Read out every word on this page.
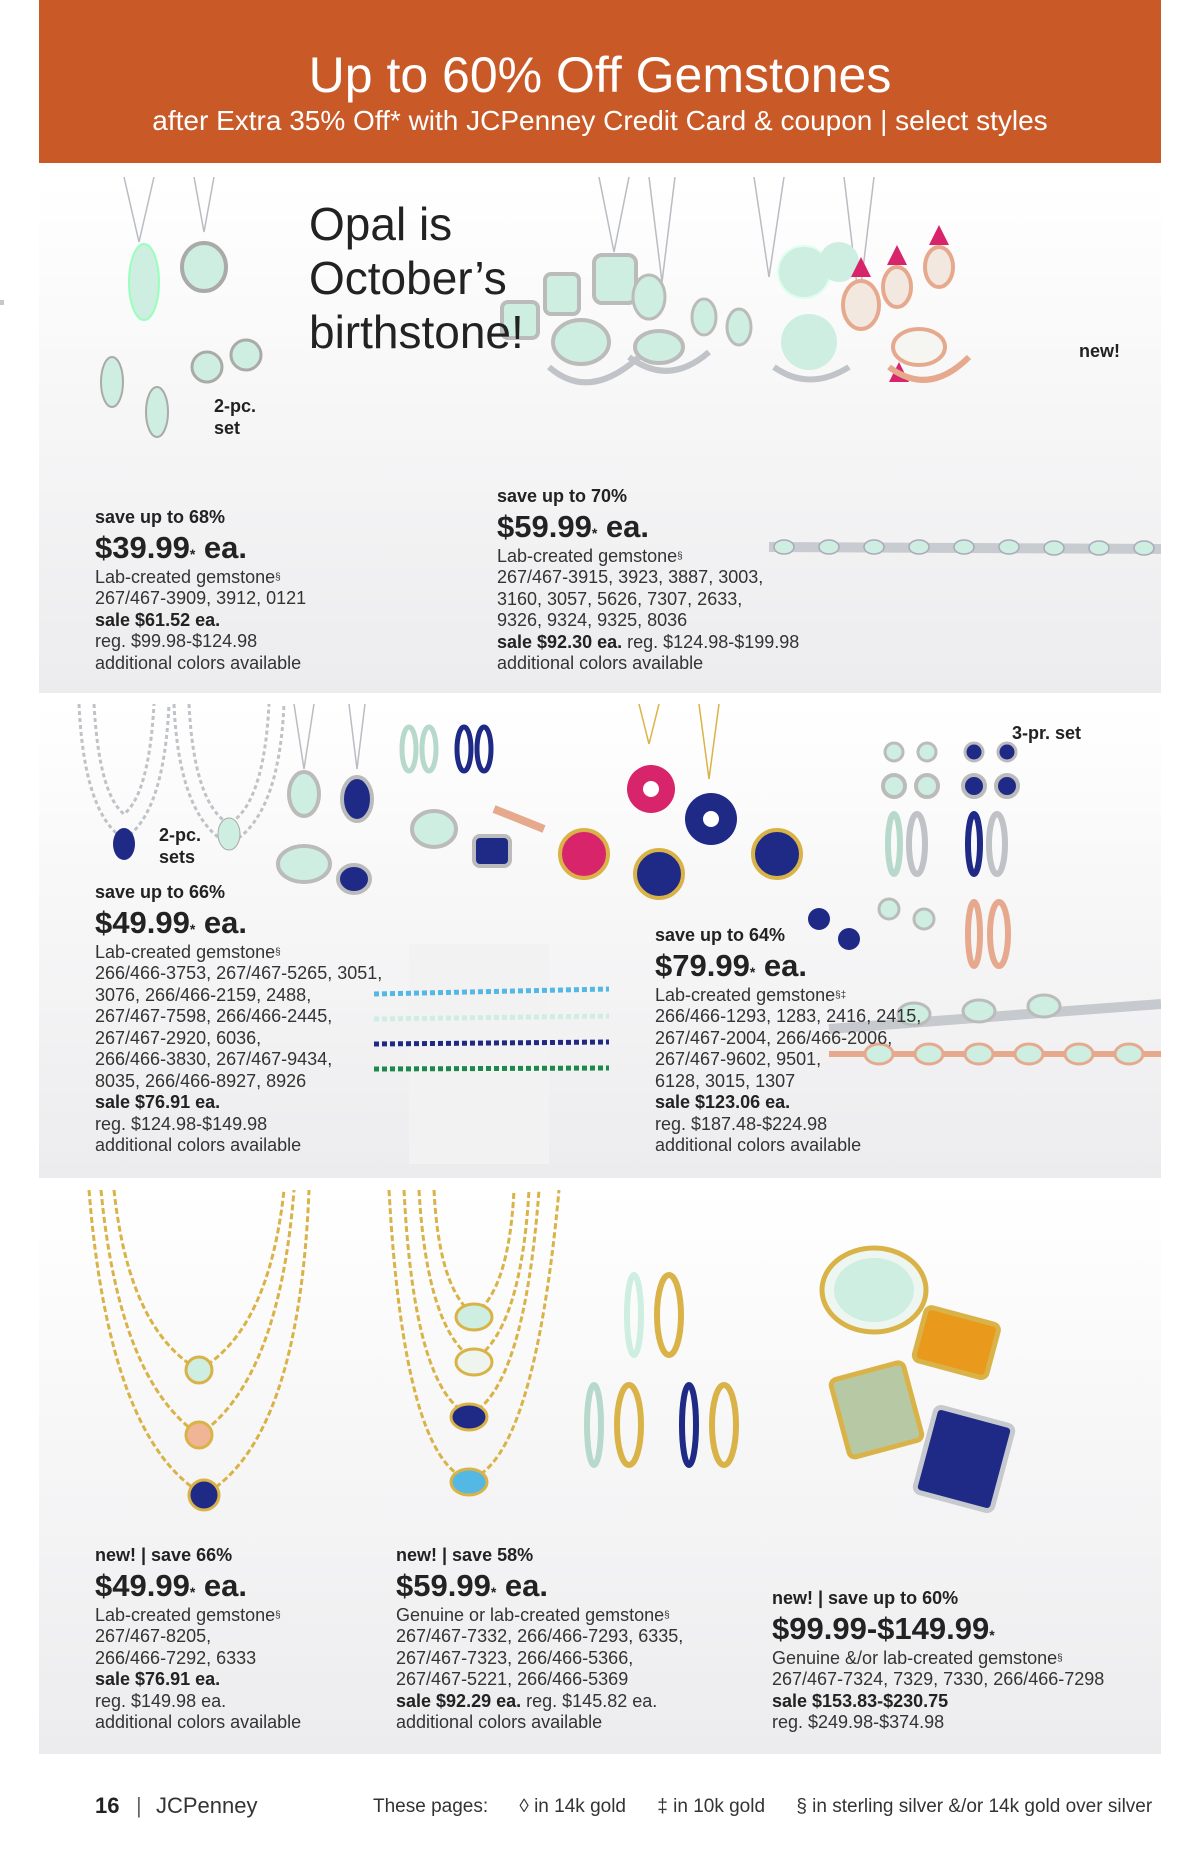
Up to 60% Off Gemstones
after Extra 35% Off* with JCPenney Credit Card & coupon | select styles
Opal is
October’s
birthstone!
2-pc.
set
new!
save up to 68%
$39.99* ea.
Lab-created gemstone§
267/467-3909, 3912, 0121
sale $61.52 ea.
reg. $99.98-$124.98
additional colors available
save up to 70%
$59.99* ea.
Lab-created gemstone§
267/467-3915, 3923, 3887, 3003,
3160, 3057, 5626, 7307, 2633,
9326, 9324, 9325, 8036
sale $92.30 ea. reg. $124.98-$199.98
additional colors available
2-pc.
sets
3-pr. set
save up to 66%
$49.99* ea.
Lab-created gemstone§
266/466-3753, 267/467-5265, 3051,
3076, 266/466-2159, 2488,
267/467-7598, 266/466-2445,
267/467-2920, 6036,
266/466-3830, 267/467-9434,
8035, 266/466-8927, 8926
sale $76.91 ea.
reg. $124.98-$149.98
additional colors available
save up to 64%
$79.99* ea.
Lab-created gemstone§‡
266/466-1293, 1283, 2416, 2415,
267/467-2004, 266/466-2006,
267/467-9602, 9501,
6128, 3015, 1307
sale $123.06 ea.
reg. $187.48-$224.98
additional colors available
new! | save 66%
$49.99* ea.
Lab-created gemstone§
267/467-8205,
266/466-7292, 6333
sale $76.91 ea.
reg. $149.98 ea.
additional colors available
new! | save 58%
$59.99* ea.
Genuine or lab-created gemstone§
267/467-7332, 266/466-7293, 6335,
267/467-7323, 266/466-5366,
267/467-5221, 266/466-5369
sale $92.29 ea. reg. $145.82 ea.
additional colors available
new! | save up to 60%
$99.99-$149.99*
Genuine &/or lab-created gemstone§
267/467-7324, 7329, 7330, 266/466-7298
sale $153.83-$230.75
reg. $249.98-$374.98
16 | JCPenney	These pages: ◊ in 14k gold ‡ in 10k gold § in sterling silver &/or 14k gold over silver
